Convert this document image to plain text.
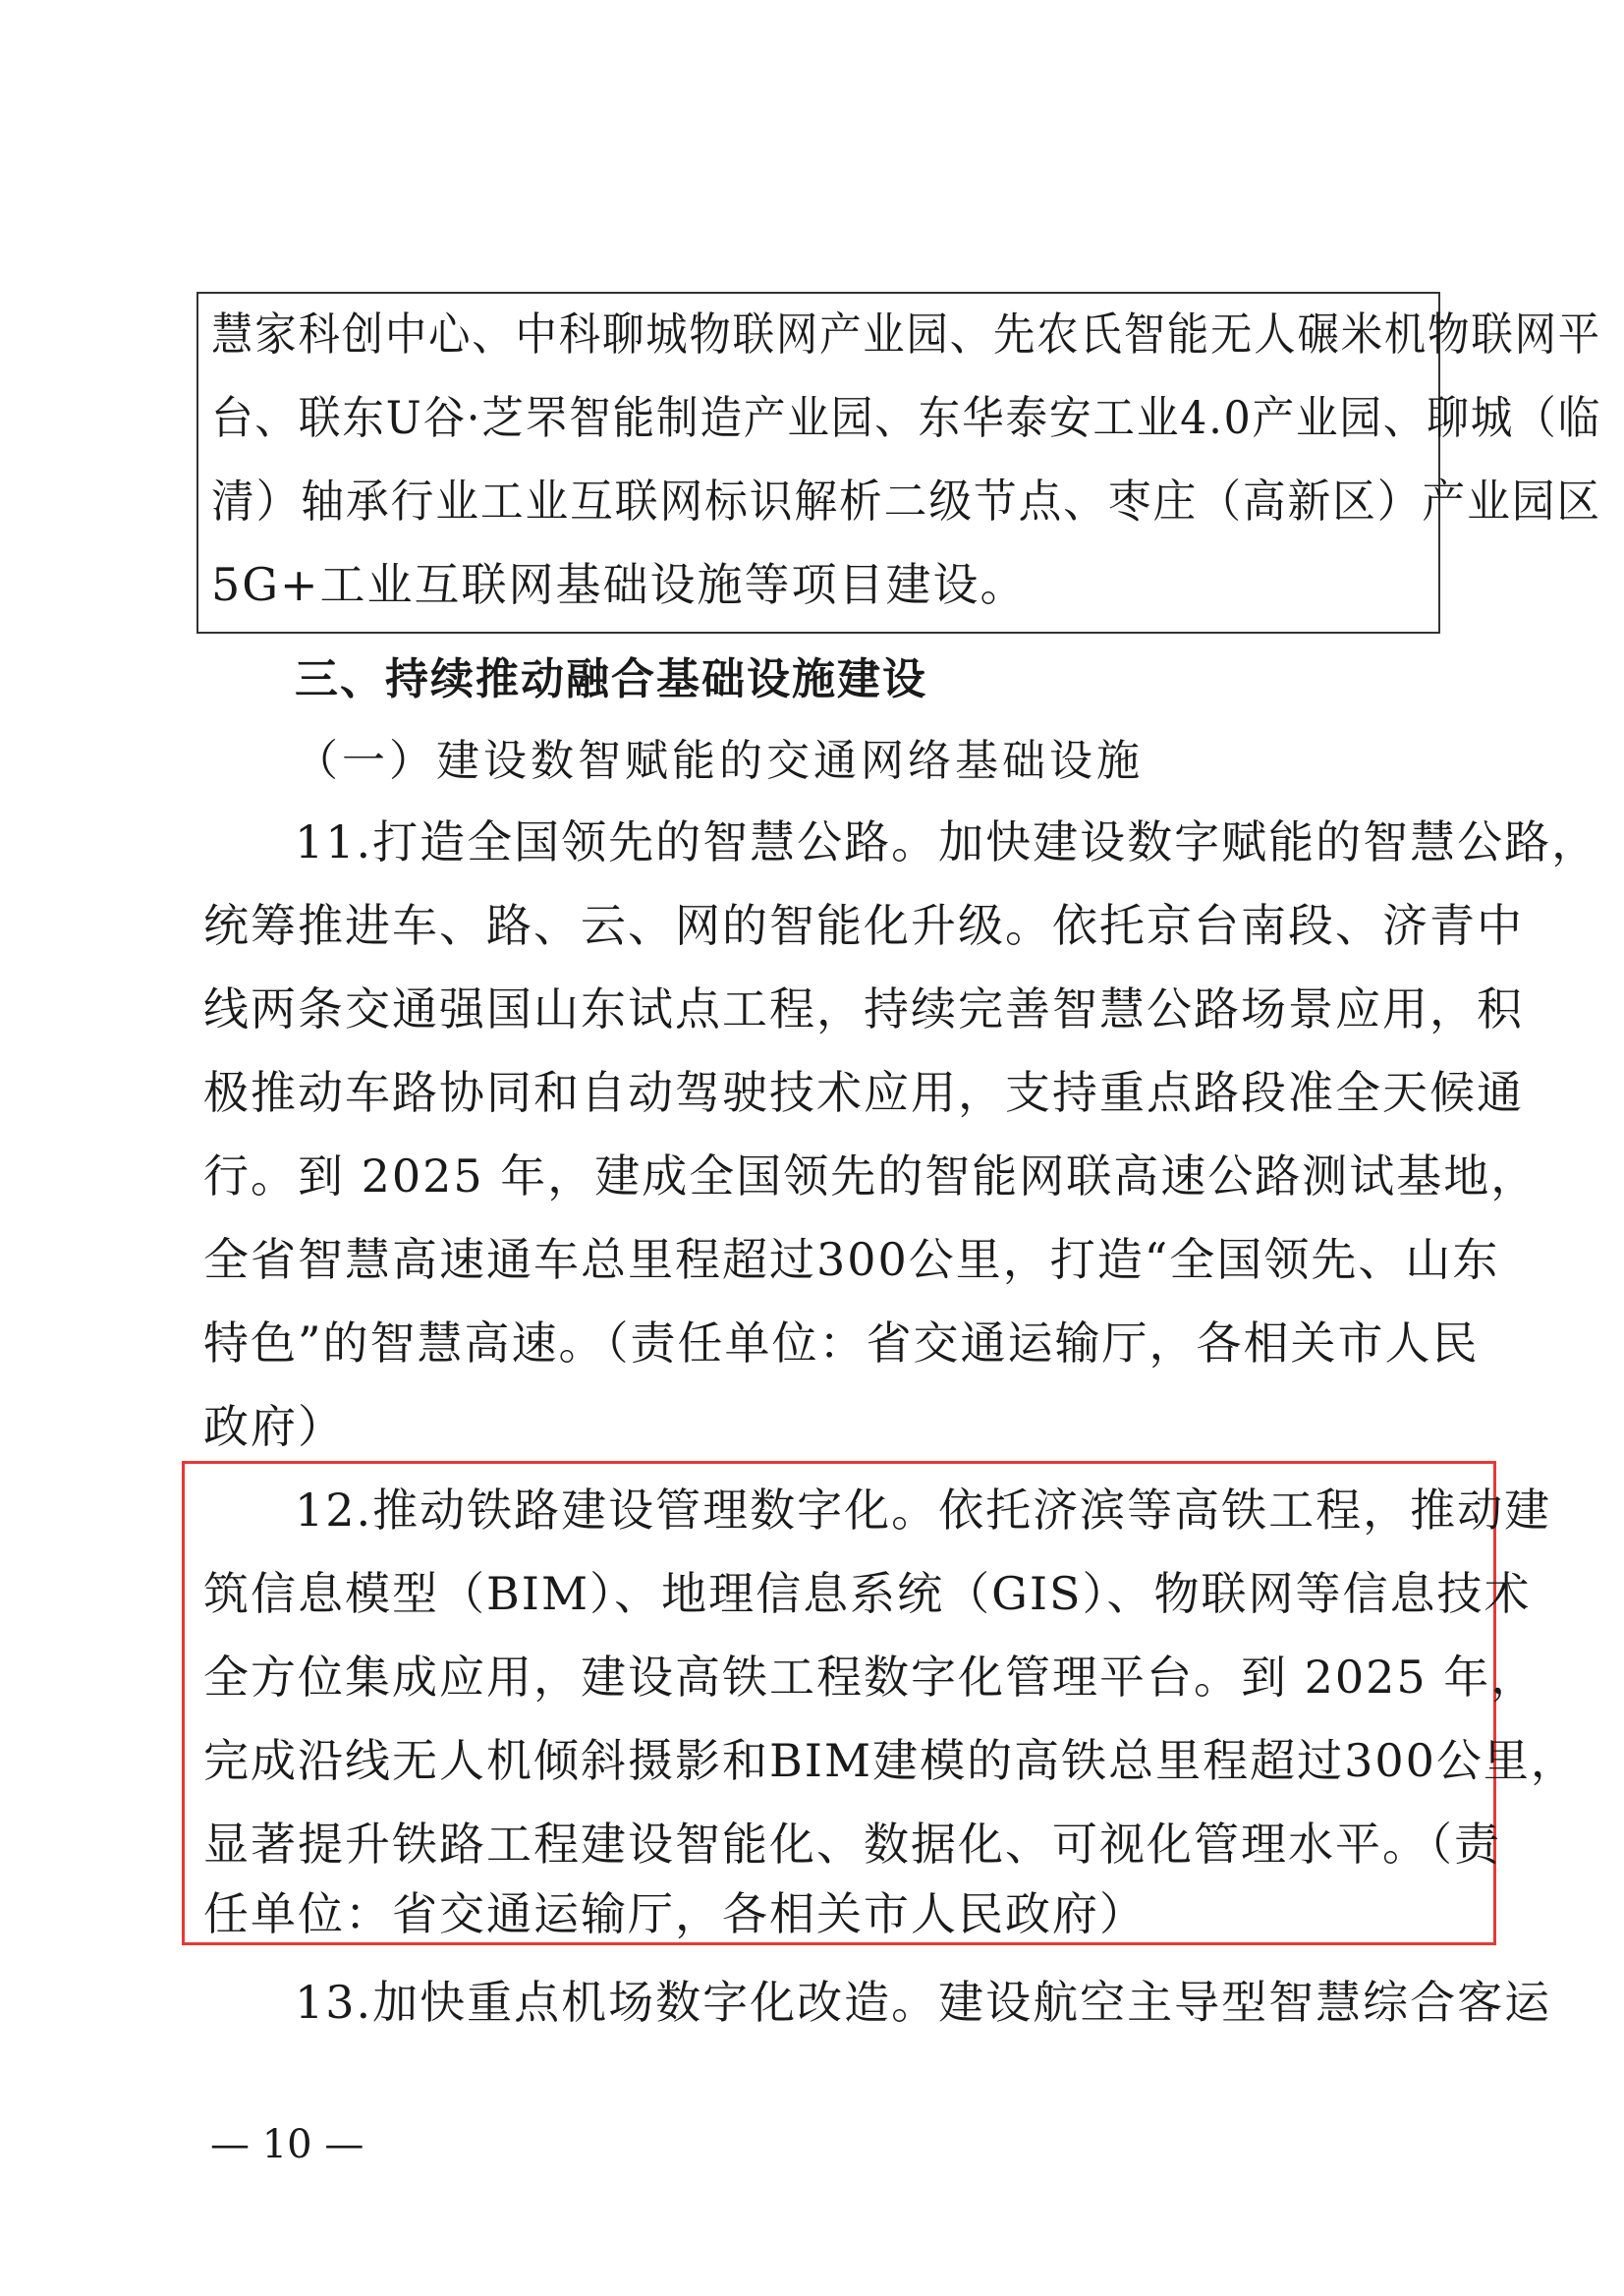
慧家科创中心、中科聊城物联网产业园、先农氏智能无人碾米机物联网平
台、联东U谷·芝罘智能制造产业园、东华泰安工业4.0产业园、聊城（临
清）轴承行业工业互联网标识解析二级节点、枣庄（高新区）产业园区
5G+工业互联网基础设施等项目建设。
三、持续推动融合基础设施建设
（一）建设数智赋能的交通网络基础设施
11.打造全国领先的智慧公路。加快建设数字赋能的智慧公路，
统筹推进车、路、云、网的智能化升级。依托京台南段、济青中
线两条交通强国山东试点工程，持续完善智慧公路场景应用，积
极推动车路协同和自动驾驶技术应用，支持重点路段准全天候通
行。到 2025 年，建成全国领先的智能网联高速公路测试基地，
全省智慧高速通车总里程超过300公里，打造“全国领先、山东
特色”的智慧高速。（责任单位：省交通运输厅，各相关市人民
政府）
12.推动铁路建设管理数字化。依托济滨等高铁工程，推动建
筑信息模型（BIM）、地理信息系统（GIS）、物联网等信息技术
全方位集成应用，建设高铁工程数字化管理平台。到 2025 年，
完成沿线无人机倾斜摄影和BIM建模的高铁总里程超过300公里，
显著提升铁路工程建设智能化、数据化、可视化管理水平。（责
任单位：省交通运输厅，各相关市人民政府）
13.加快重点机场数字化改造。建设航空主导型智慧综合客运
— 10 —
